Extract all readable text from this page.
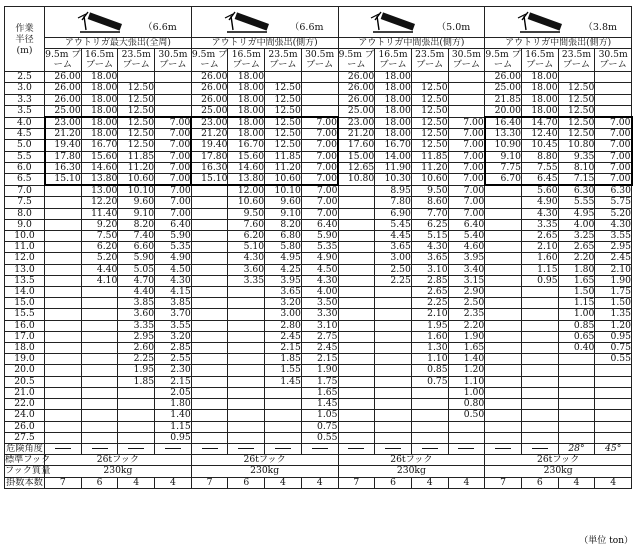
作業
半径
(m)	（6.6m				（6.6m				（5.0m				（3.8m			

	アウトリガ最大張出(全周)				アウトリガ中間張出(側方)				アウトリガ中間張出(側方)				アウトリガ中間張出(側方)			
	9.5m ブーム	16.5m ブーム	23.5m ブーム	30.5m ブーム	9.5m ブーム	16.5m ブーム	23.5m ブーム	30.5m ブーム	9.5m ブーム	16.5m ブーム	23.5m ブーム	30.5m ブーム	9.5m ブーム	16.5m ブーム	23.5m ブーム	30.5m ブーム
2.5	26.00	18.00			26.00	18.00			26.00	18.00			26.00	18.00		
3.0	26.00	18.00	12.50		26.00	18.00	12.50		26.00	18.00	12.50		25.00	18.00	12.50	
3.3	26.00	18.00	12.50		26.00	18.00	12.50		26.00	18.00	12.50		21.85	18.00	12.50	
3.5	25.00	18.00	12.50		25.00	18.00	12.50		25.00	18.00	12.50		20.00	18.00	12.50	
4.0	23.00	18.00	12.50	7.00	23.00	18.00	12.50	7.00	23.00	18.00	12.50	7.00	16.40	14.70	12.50	7.00
4.5	21.20	18.00	12.50	7.00	21.20	18.00	12.50	7.00	21.20	18.00	12.50	7.00	13.30	12.40	12.50	7.00
5.0	19.40	16.70	12.50	7.00	19.40	16.70	12.50	7.00	17.60	16.70	12.50	7.00	10.90	10.45	10.80	7.00
5.5	17.80	15.60	11.85	7.00	17.80	15.60	11.85	7.00	15.00	14.00	11.85	7.00	9.10	8.80	9.35	7.00
6.0	16.30	14.60	11.20	7.00	16.30	14.60	11.20	7.00	12.65	11.90	11.20	7.00	7.75	7.55	8.10	7.00
6.5	15.10	13.80	10.60	7.00	15.10	13.80	10.60	7.00	10.80	10.30	10.60	7.00	6.70	6.45	7.15	7.00
7.0		13.00	10.10	7.00		12.00	10.10	7.00		8.95	9.50	7.00		5.60	6.30	6.30
7.5		12.20	9.60	7.00		10.60	9.60	7.00		7.80	8.60	7.00		4.90	5.55	5.75
8.0		11.40	9.10	7.00		9.50	9.10	7.00		6.90	7.70	7.00		4.30	4.95	5.20
9.0		9.20	8.20	6.40		7.60	8.20	6.40		5.45	6.25	6.40		3.35	4.00	4.30
10.0		7.50	7.40	5.90		6.20	6.80	5.90		4.45	5.15	5.40		2.65	3.25	3.55
11.0		6.20	6.60	5.35		5.10	5.80	5.35		3.65	4.30	4.60		2.10	2.65	2.95
12.0		5.20	5.90	4.90		4.30	4.95	4.90		3.00	3.65	3.95		1.60	2.20	2.45
13.0		4.40	5.05	4.50		3.60	4.25	4.50		2.50	3.10	3.40		1.15	1.80	2.10
13.5		4.10	4.70	4.30		3.35	3.95	4.30		2.25	2.85	3.15		0.95	1.65	1.90
14.0			4.40	4.15			3.65	4.00			2.65	2.90			1.50	1.75
15.0			3.85	3.85			3.20	3.50			2.25	2.50			1.15	1.50
15.5			3.60	3.70			3.00	3.30			2.10	2.35			1.00	1.35
16.0			3.35	3.55			2.80	3.10			1.95	2.20			0.85	1.20
17.0			2.95	3.20			2.45	2.75			1.60	1.90			0.65	0.95
18.0			2.60	2.85			2.15	2.45			1.30	1.65			0.40	0.75
19.0			2.25	2.55			1.85	2.15			1.10	1.40				0.55
20.0			1.95	2.30			1.55	1.90			0.85	1.20				
20.5			1.85	2.15			1.45	1.75			0.75	1.10				
21.0				2.05				1.65				1.00				
22.0				1.80				1.45				0.80				
24.0				1.40				1.05				0.50				
26.0				1.15				0.75								
27.5				0.95				0.55								
危険角度															28°	45°
標準フック	26tフック				26tフック				26tフック				26tフック			
フック質量	230kg				230kg				230kg				230kg			
掛数本数	7	6	4	4	7	6	4	4	7	6	4	4	7	6	4	4
（単位 ton）
